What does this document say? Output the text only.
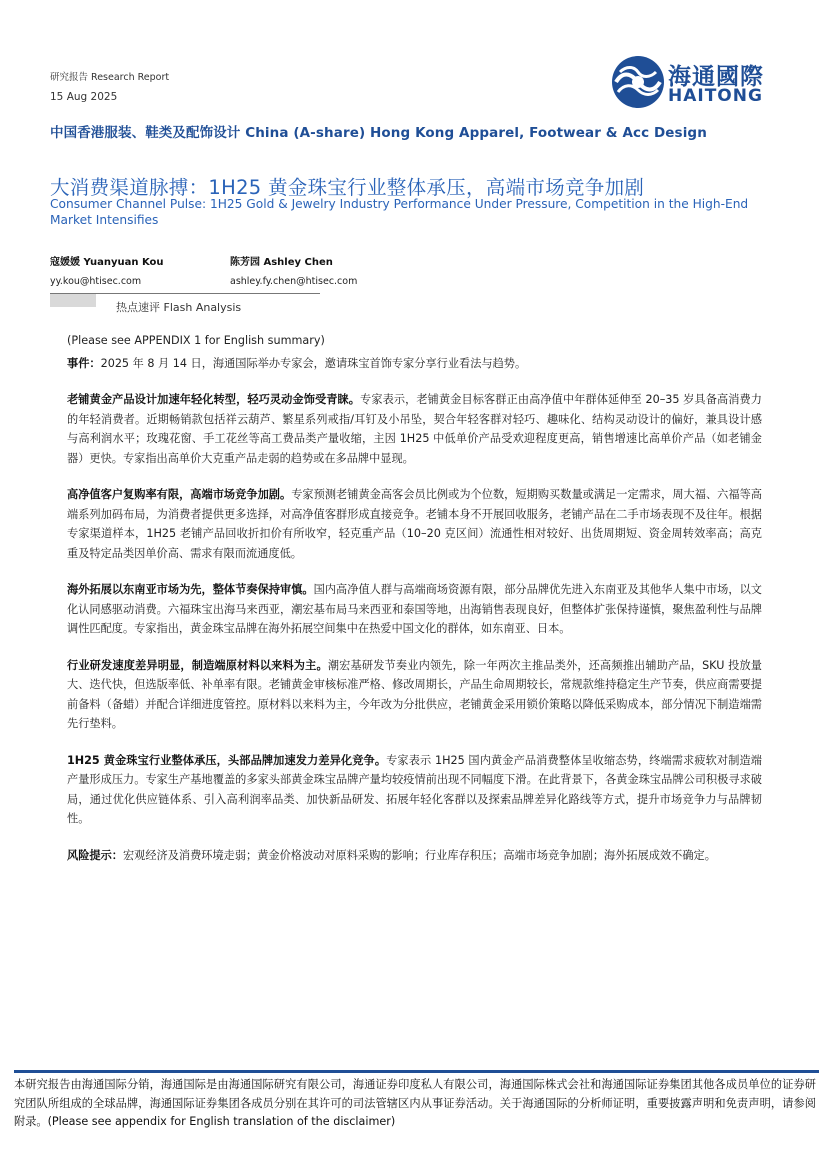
研究报告 Research Report
15 Aug 2025
海通國際
HAITONG
中国香港服装、鞋类及配饰设计 China (A-share) Hong Kong Apparel, Footwear & Acc Design
大消费渠道脉搏：1H25 黄金珠宝行业整体承压，高端市场竞争加剧
Consumer Channel Pulse: 1H25 Gold & Jewelry Industry Performance Under Pressure, Competition in the High-End Market Intensifies
寇媛媛 Yuanyuan Kou
yy.kou@htisec.com
陈芳园 Ashley Chen
ashley.fy.chen@htisec.com
热点速评 Flash Analysis

(Please see APPENDIX 1 for English summary)

事件：2025 年 8 月 14 日，海通国际举办专家会，邀请珠宝首饰专家分享行业看法与趋势。

老铺黄金产品设计加速年轻化转型，轻巧灵动金饰受青睐。专家表示，老铺黄金目标客群正由高净值中年群体延伸至 20–35 岁具备高消费力的年轻消费者。近期畅销款包括祥云葫芦、繁星系列戒指/耳钉及小吊坠，契合年轻客群对轻巧、趣味化、结构灵动设计的偏好，兼具设计感与高利润水平；玫瑰花窗、手工花丝等高工费品类产量收缩，主因 1H25 中低单价产品受欢迎程度更高，销售增速比高单价产品（如老铺金器）更快。专家指出高单价大克重产品走弱的趋势或在多品牌中显现。

高净值客户复购率有限，高端市场竞争加剧。专家预测老铺黄金高客会员比例或为个位数，短期购买数量或满足一定需求，周大福、六福等高端系列加码布局，为消费者提供更多选择，对高净值客群形成直接竞争。老铺本身不开展回收服务，老铺产品在二手市场表现不及往年。根据专家渠道样本，1H25 老铺产品回收折扣价有所收窄，轻克重产品（10–20 克区间）流通性相对较好、出货周期短、资金周转效率高；高克重及特定品类因单价高、需求有限而流通度低。

海外拓展以东南亚市场为先，整体节奏保持审慎。国内高净值人群与高端商场资源有限，部分品牌优先进入东南亚及其他华人集中市场，以文化认同感驱动消费。六福珠宝出海马来西亚，潮宏基布局马来西亚和泰国等地，出海销售表现良好，但整体扩张保持谨慎，聚焦盈利性与品牌调性匹配度。专家指出，黄金珠宝品牌在海外拓展空间集中在热爱中国文化的群体，如东南亚、日本。

行业研发速度差异明显，制造端原材料以来料为主。潮宏基研发节奏业内领先，除一年两次主推品类外，还高频推出辅助产品，SKU 投放量大、迭代快，但选版率低、补单率有限。老铺黄金审核标准严格、修改周期长，产品生命周期较长，常规款维持稳定生产节奏，供应商需要提前备料（备蜡）并配合详细进度管控。原材料以来料为主，今年改为分批供应，老铺黄金采用锁价策略以降低采购成本，部分情况下制造端需先行垫料。

1H25 黄金珠宝行业整体承压，头部品牌加速发力差异化竞争。专家表示 1H25 国内黄金产品消费整体呈收缩态势，终端需求疲软对制造端产量形成压力。专家生产基地覆盖的多家头部黄金珠宝品牌产量均较疫情前出现不同幅度下滑。在此背景下，各黄金珠宝品牌公司积极寻求破局，通过优化供应链体系、引入高利润率品类、加快新品研发、拓展年轻化客群以及探索品牌差异化路线等方式，提升市场竞争力与品牌韧性。

风险提示：宏观经济及消费环境走弱；黄金价格波动对原料采购的影响；行业库存积压；高端市场竞争加剧；海外拓展成效不确定。

本研究报告由海通国际分销，海通国际是由海通国际研究有限公司，海通证券印度私人有限公司，海通国际株式会社和海通国际证券集团其他各成员单位的证券研究团队所组成的全球品牌，海通国际证券集团各成员分别在其许可的司法管辖区内从事证券活动。关于海通国际的分析师证明，重要披露声明和免责声明，请参阅附录。(Please see appendix for English translation of the disclaimer)
